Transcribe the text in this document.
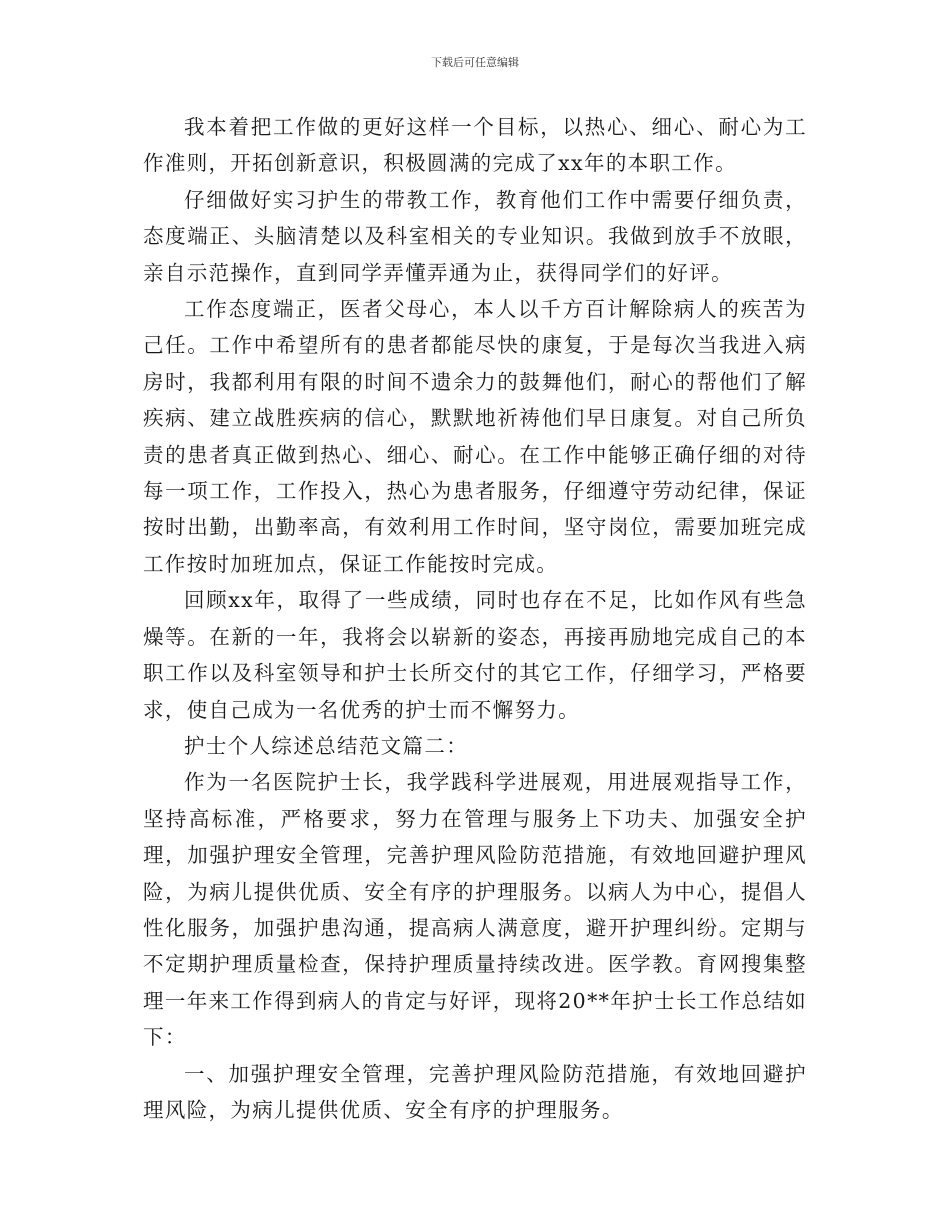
下载后可任意编辑

我本着把工作做的更好这样一个目标，以热心、细心、耐心为工作准则，开拓创新意识，积极圆满的完成了xx年的本职工作。

仔细做好实习护生的带教工作，教育他们工作中需要仔细负责，态度端正、头脑清楚以及科室相关的专业知识。我做到放手不放眼，亲自示范操作，直到同学弄懂弄通为止，获得同学们的好评。

工作态度端正，医者父母心，本人以千方百计解除病人的疾苦为己任。工作中希望所有的患者都能尽快的康复，于是每次当我进入病房时，我都利用有限的时间不遗余力的鼓舞他们，耐心的帮他们了解疾病、建立战胜疾病的信心，默默地祈祷他们早日康复。对自己所负责的患者真正做到热心、细心、耐心。在工作中能够正确仔细的对待每一项工作，工作投入，热心为患者服务，仔细遵守劳动纪律，保证按时出勤，出勤率高，有效利用工作时间，坚守岗位，需要加班完成工作按时加班加点，保证工作能按时完成。

回顾xx年，取得了一些成绩，同时也存在不足，比如作风有些急燥等。在新的一年，我将会以崭新的姿态，再接再励地完成自己的本职工作以及科室领导和护士长所交付的其它工作，仔细学习，严格要求，使自己成为一名优秀的护士而不懈努力。

护士个人综述总结范文篇二：

作为一名医院护士长，我学践科学进展观，用进展观指导工作，坚持高标准，严格要求，努力在管理与服务上下功夫、加强安全护理，加强护理安全管理，完善护理风险防范措施，有效地回避护理风险，为病儿提供优质、安全有序的护理服务。以病人为中心，提倡人性化服务，加强护患沟通，提高病人满意度，避开护理纠纷。定期与不定期护理质量检查，保持护理质量持续改进。医学教。育网搜集整理一年来工作得到病人的肯定与好评，现将20**年护士长工作总结如下：

一、加强护理安全管理，完善护理风险防范措施，有效地回避护理风险，为病儿提供优质、安全有序的护理服务。
